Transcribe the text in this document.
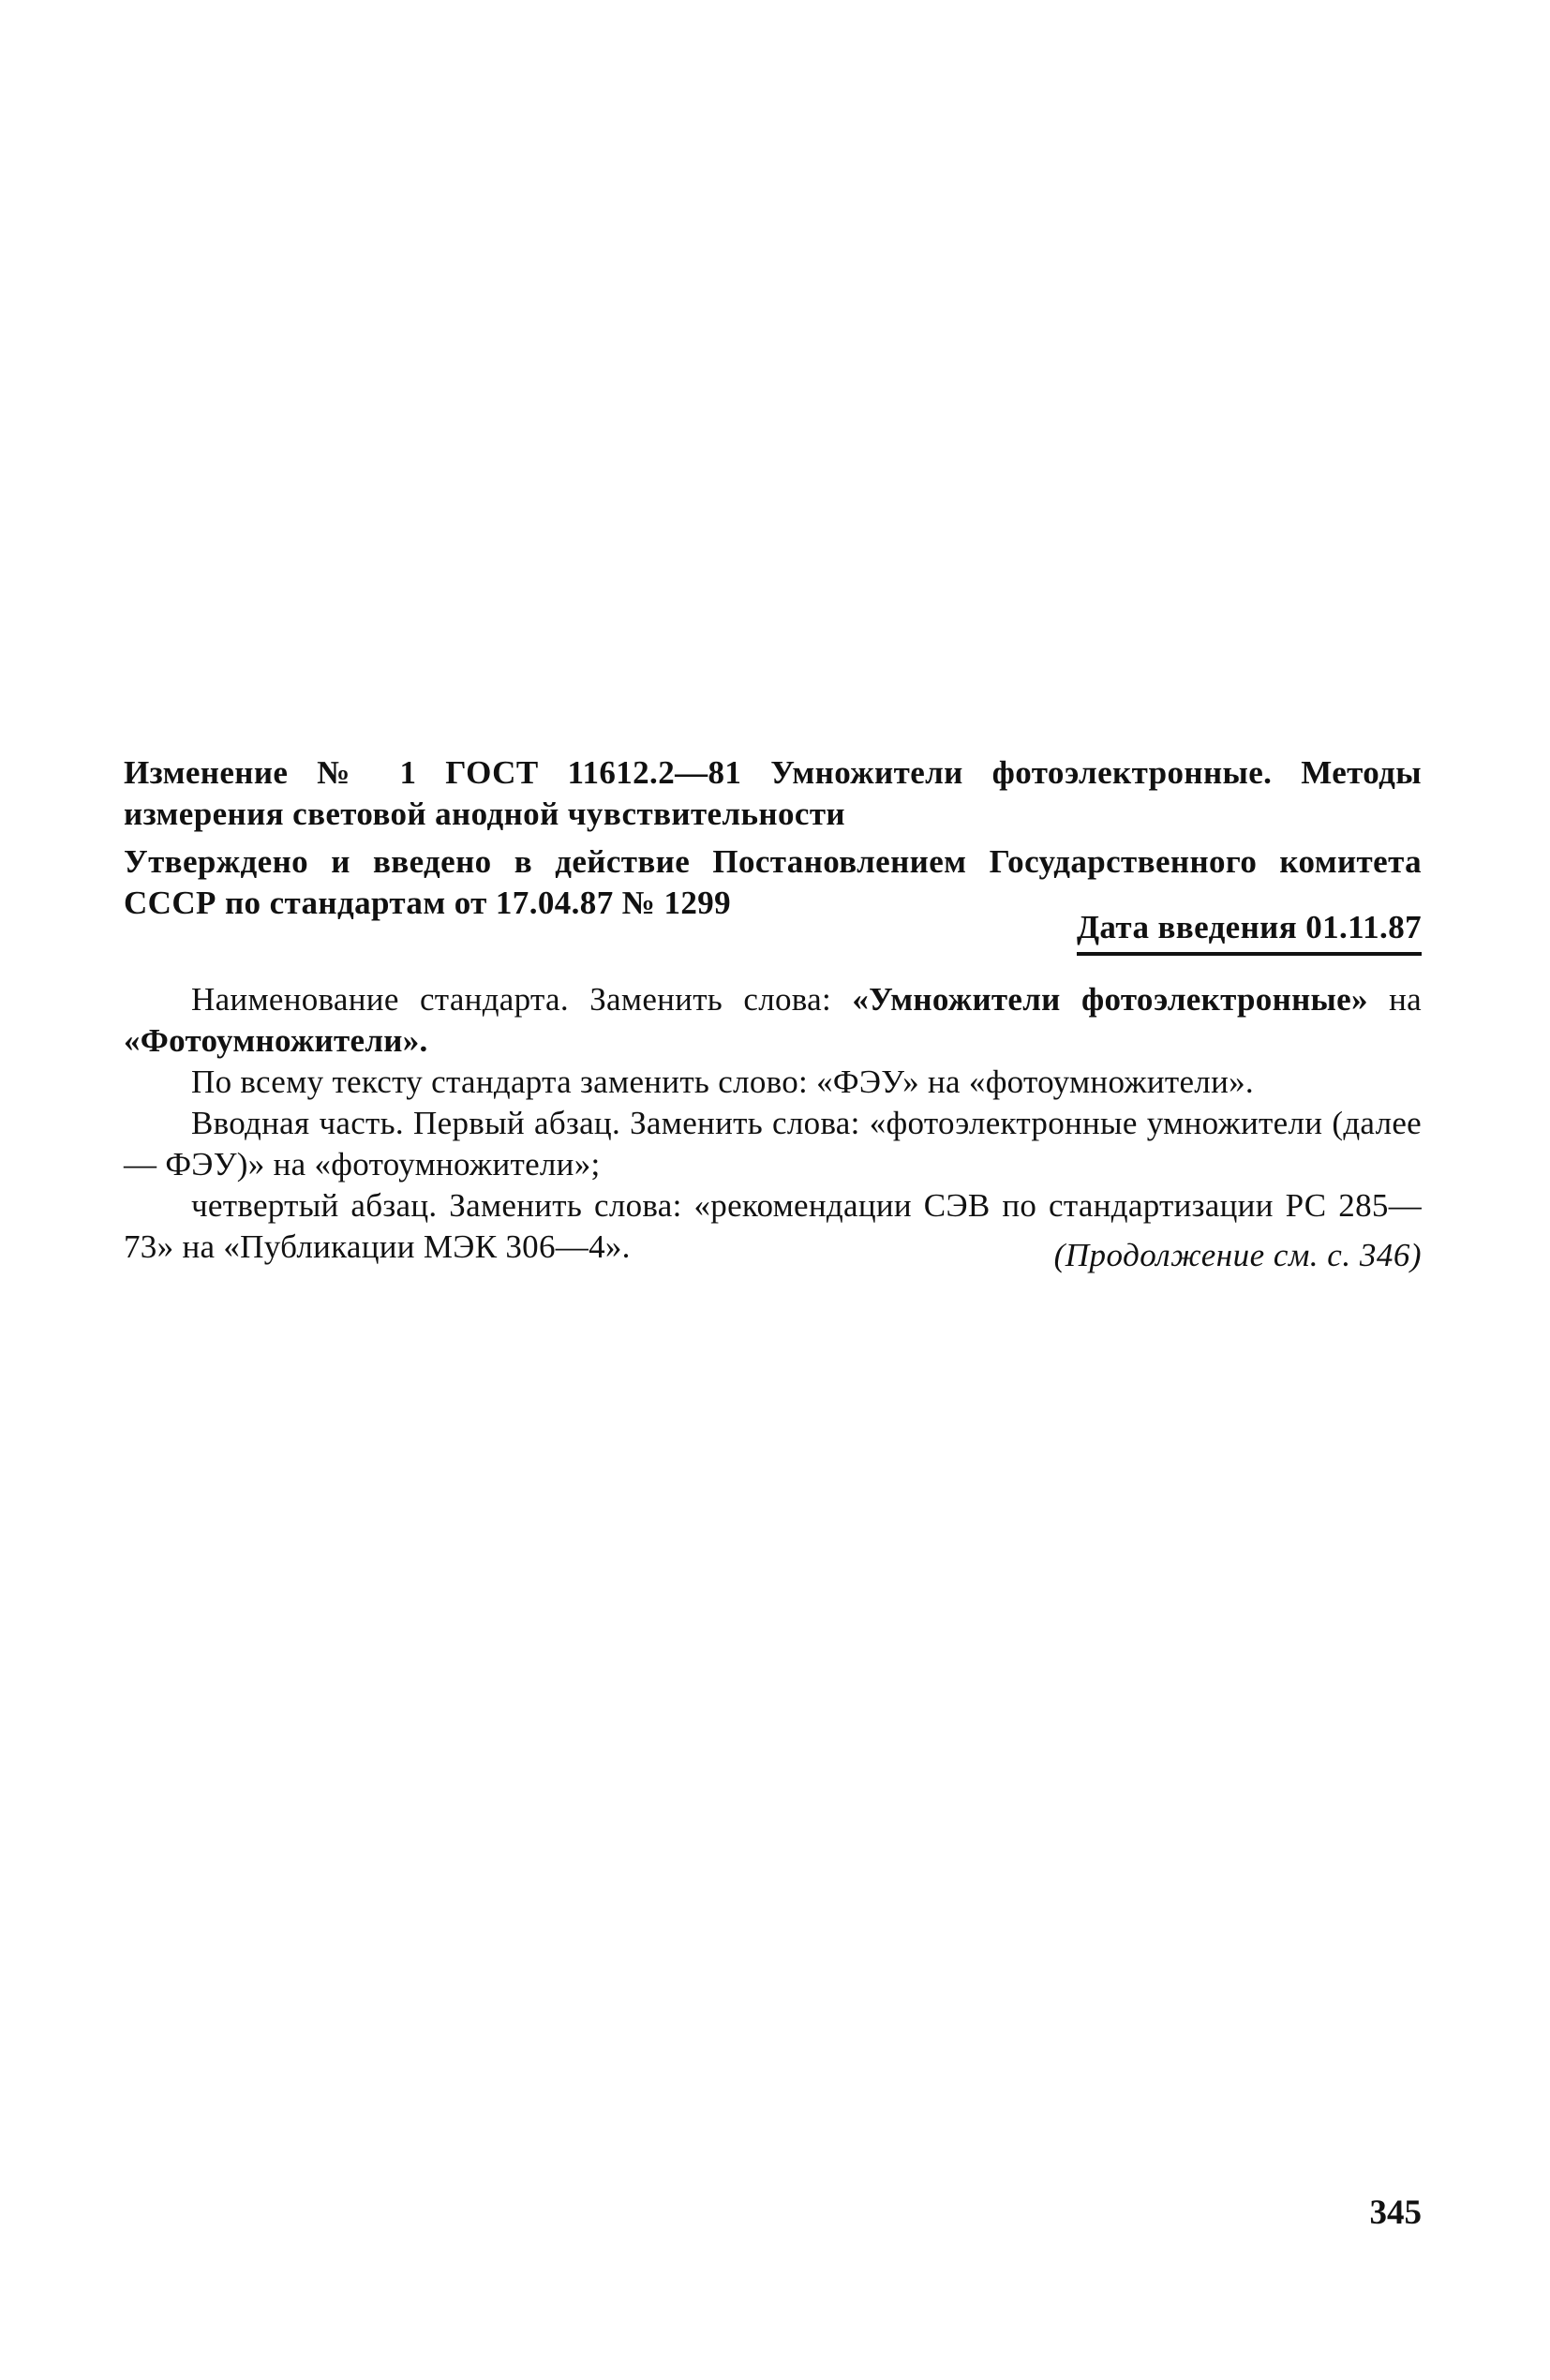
Изменение № 1 ГОСТ 11612.2—81 Умножители фотоэлектронные. Методы измерения световой анодной чувствительности
Утверждено и введено в действие Постановлением Государственного комитета СССР по стандартам от 17.04.87 № 1299
Дата введения 01.11.87

Наименование стандарта. Заменить слова: «Умножители фотоэлектронные» на «Фотоумножители».

По всему тексту стандарта заменить слово: «ФЭУ» на «фотоумножители».

Вводная часть. Первый абзац. Заменить слова: «фотоэлектронные умножители (далее — ФЭУ)» на «фотоумножители»;

четвертый абзац. Заменить слова: «рекомендации СЭВ по стандартизации РС 285—73» на «Публикации МЭК 306—4».	(Продолжение см. с. 346)
345
